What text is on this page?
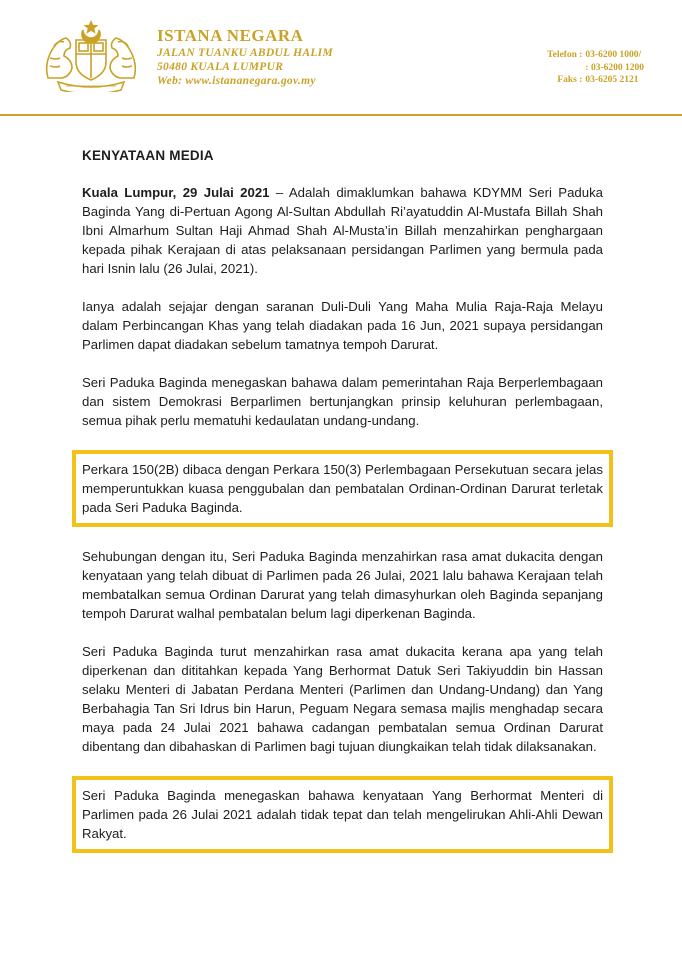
ISTANA NEGARA
JALAN TUANKU ABDUL HALIM
50480 KUALA LUMPUR
Web: www.istananegara.gov.my
Telefon : 03-6200 1000/
: 03-6200 1200
Faks : 03-6205 2121
KENYATAAN MEDIA

Kuala Lumpur, 29 Julai 2021 – Adalah dimaklumkan bahawa KDYMM Seri Paduka Baginda Yang di-Pertuan Agong Al-Sultan Abdullah Ri’ayatuddin Al-Mustafa Billah Shah Ibni Almarhum Sultan Haji Ahmad Shah Al-Musta’in Billah menzahirkan penghargaan kepada pihak Kerajaan di atas pelaksanaan persidangan Parlimen yang bermula pada hari Isnin lalu (26 Julai, 2021).

Ianya adalah sejajar dengan saranan Duli-Duli Yang Maha Mulia Raja-Raja Melayu dalam Perbincangan Khas yang telah diadakan pada 16 Jun, 2021 supaya persidangan Parlimen dapat diadakan sebelum tamatnya tempoh Darurat.

Seri Paduka Baginda menegaskan bahawa dalam pemerintahan Raja Berperlembagaan dan sistem Demokrasi Berparlimen bertunjangkan prinsip keluhuran perlembagaan, semua pihak perlu mematuhi kedaulatan undang-undang.

Perkara 150(2B) dibaca dengan Perkara 150(3) Perlembagaan Persekutuan secara jelas memperuntukkan kuasa penggubalan dan pembatalan Ordinan-Ordinan Darurat terletak pada Seri Paduka Baginda.

Sehubungan dengan itu, Seri Paduka Baginda menzahirkan rasa amat dukacita dengan kenyataan yang telah dibuat di Parlimen pada 26 Julai, 2021 lalu bahawa Kerajaan telah membatalkan semua Ordinan Darurat yang telah dimasyhurkan oleh Baginda sepanjang tempoh Darurat walhal pembatalan belum lagi diperkenan Baginda.

Seri Paduka Baginda turut menzahirkan rasa amat dukacita kerana apa yang telah diperkenan dan dititahkan kepada Yang Berhormat Datuk Seri Takiyuddin bin Hassan selaku Menteri di Jabatan Perdana Menteri (Parlimen dan Undang-Undang) dan Yang Berbahagia Tan Sri Idrus bin Harun, Peguam Negara semasa majlis menghadap secara maya pada 24 Julai 2021 bahawa cadangan pembatalan semua Ordinan Darurat dibentang dan dibahaskan di Parlimen bagi tujuan diungkaikan telah tidak dilaksanakan.

Seri Paduka Baginda menegaskan bahawa kenyataan Yang Berhormat Menteri di Parlimen pada 26 Julai 2021 adalah tidak tepat dan telah mengelirukan Ahli-Ahli Dewan Rakyat.
